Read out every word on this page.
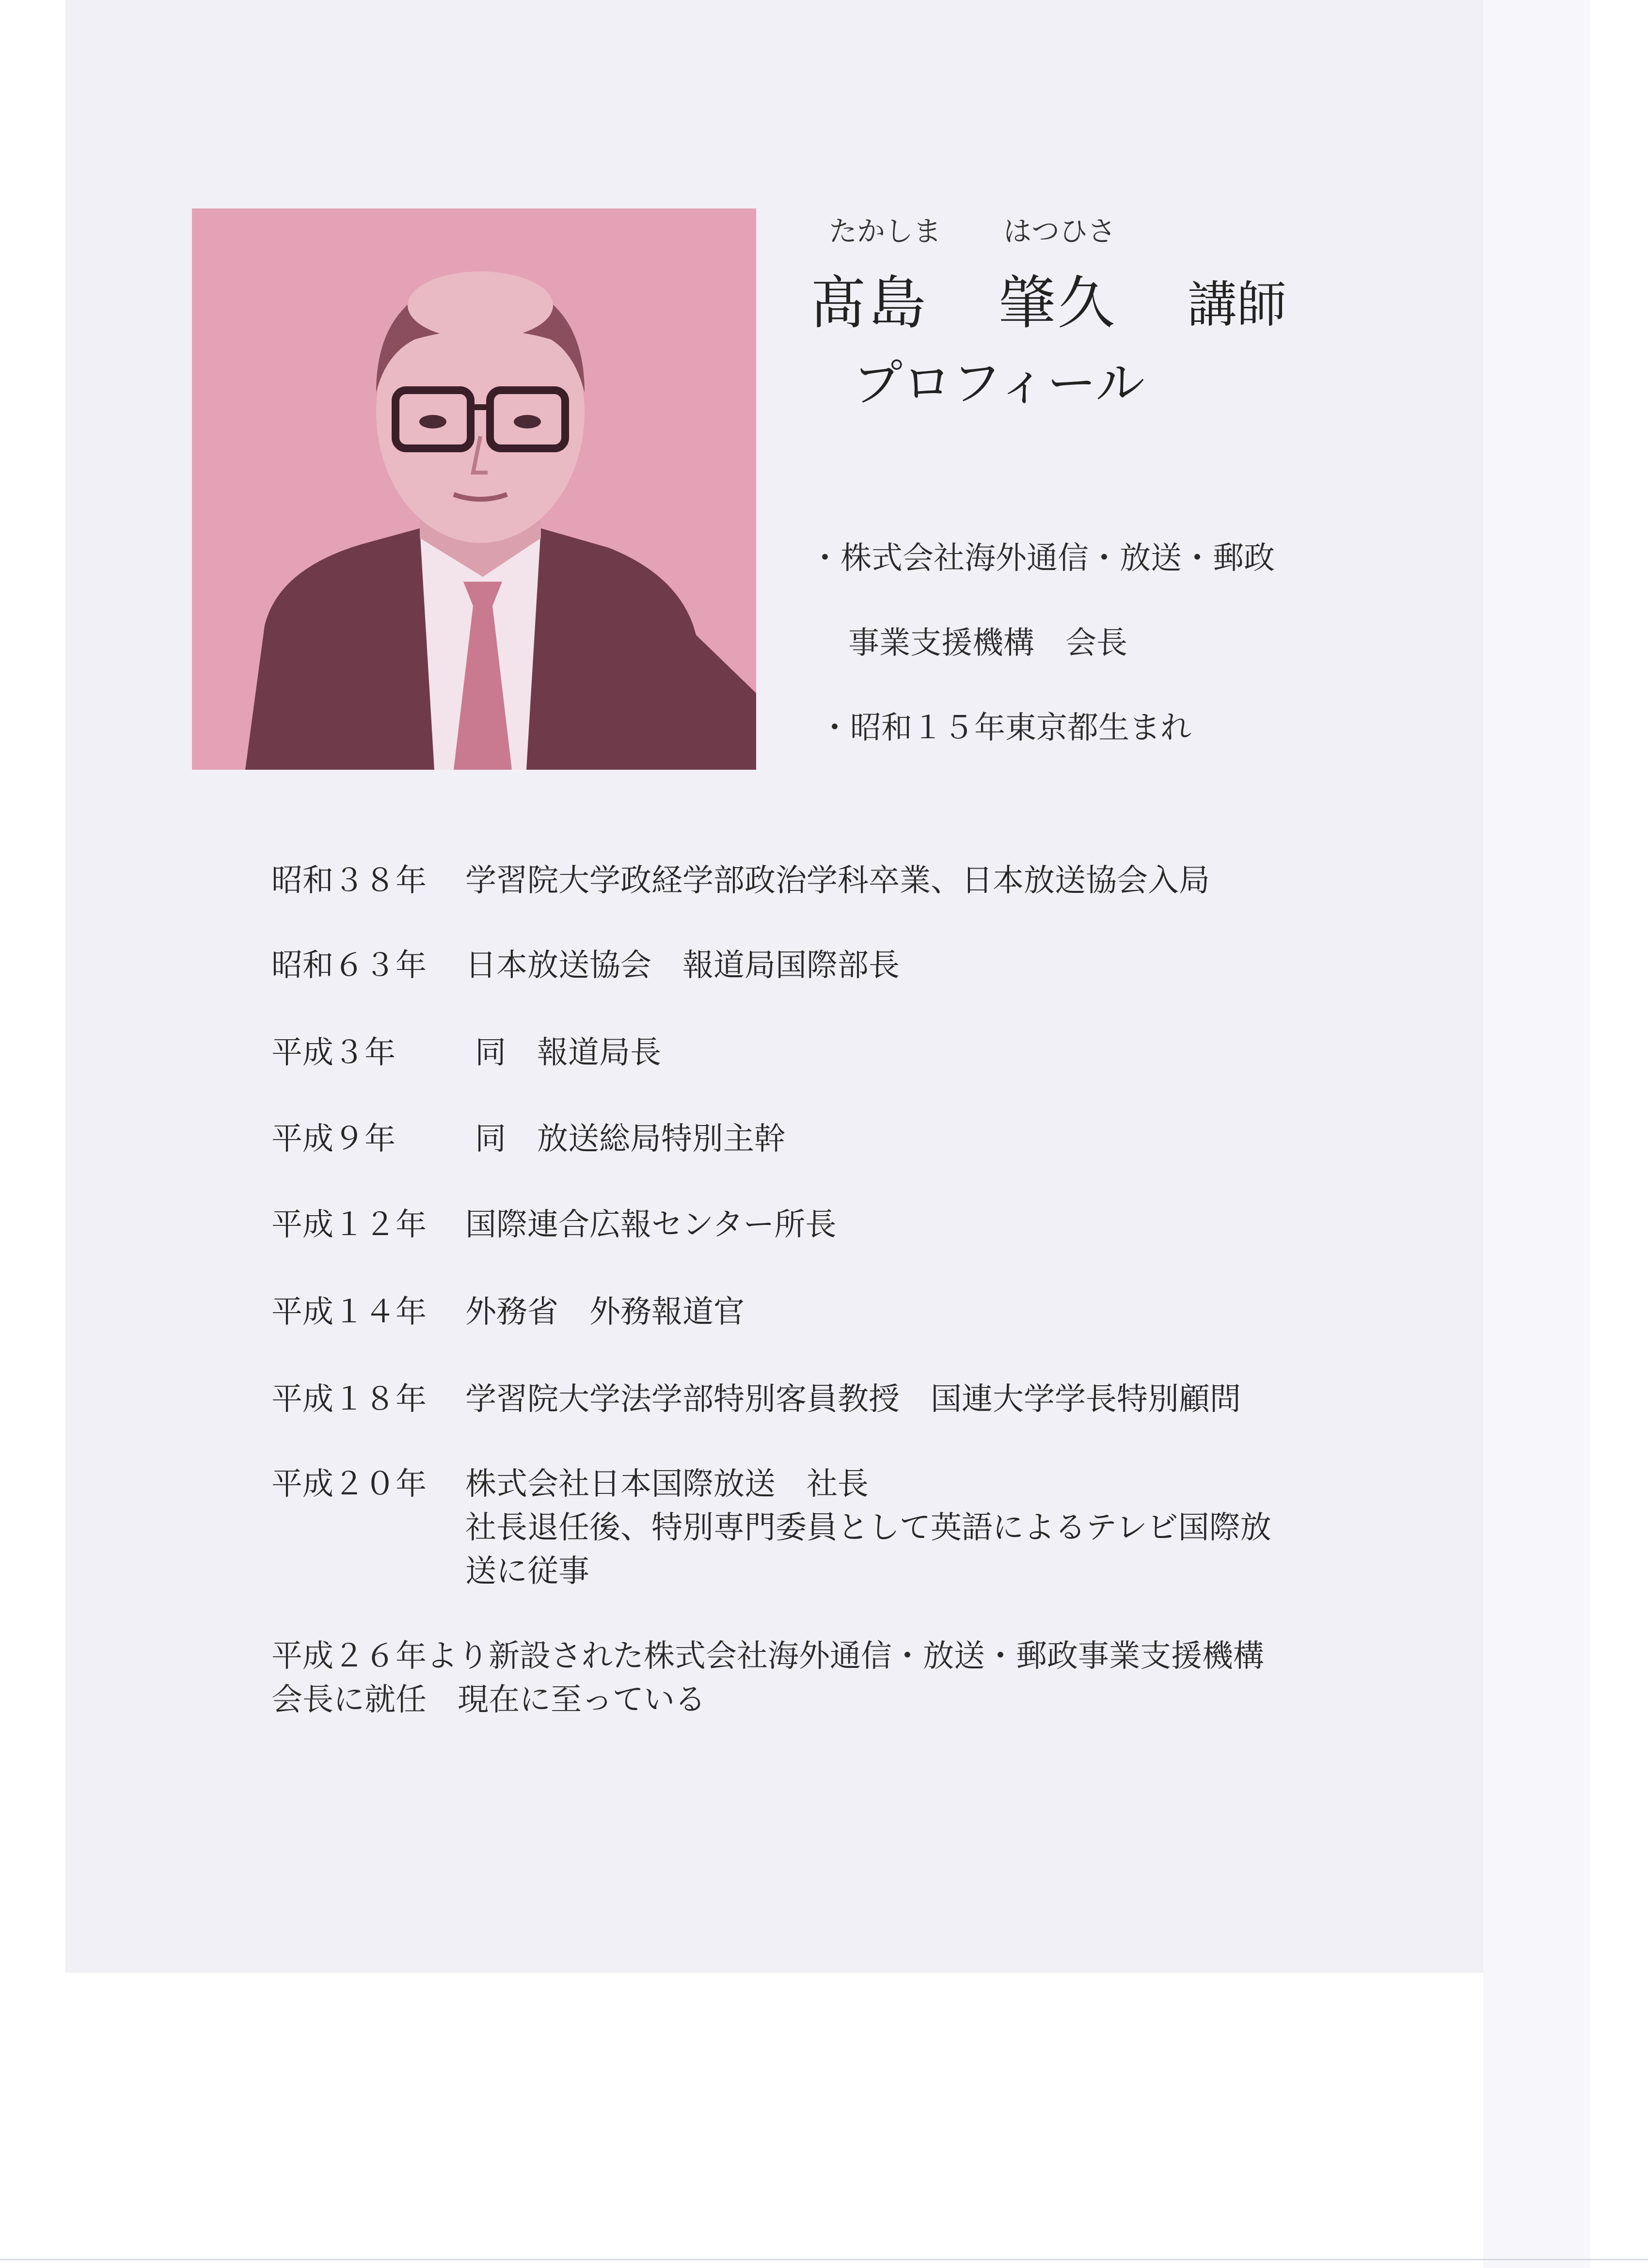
たかしま はつひさ
髙島 肇久 講師
プロフィール
・株式会社海外通信・放送・郵政
事業支援機構　会長
・昭和１５年東京都生まれ
昭和３８年 学習院大学政経学部政治学科卒業、日本放送協会入局
昭和６３年 日本放送協会　報道局国際部長
平成３年	同　報道局長
平成９年	同　放送総局特別主幹
平成１２年 国際連合広報センター所長
平成１４年 外務省　外務報道官
平成１８年 学習院大学法学部特別客員教授　国連大学学長特別顧問
平成２０年 株式会社日本国際放送　社長
社長退任後、特別専門委員として英語によるテレビ国際放
送に従事
平成２６年より新設された株式会社海外通信・放送・郵政事業支援機構
会長に就任　現在に至っている
